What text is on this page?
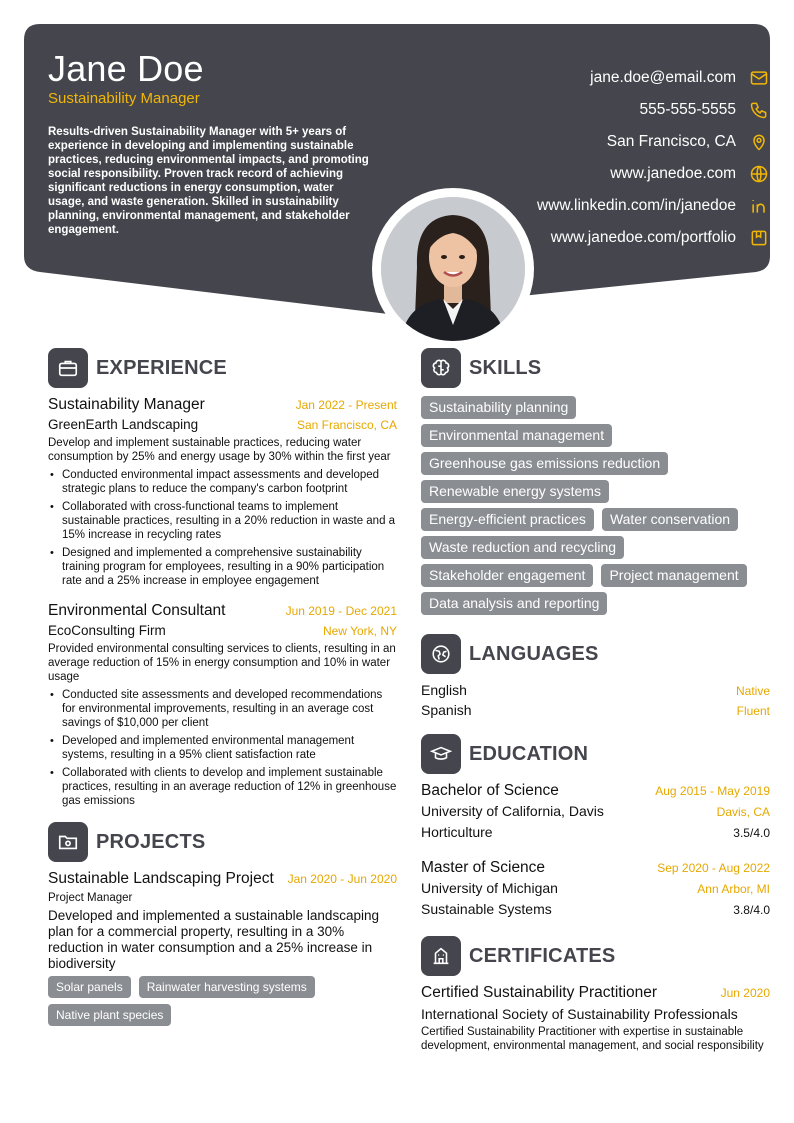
Jane Doe
Sustainability Manager
Results-driven Sustainability Manager with 5+ years of experience in developing and implementing sustainable practices, reducing environmental impacts, and promoting social responsibility. Proven track record of achieving significant reductions in energy consumption, water usage, and waste generation. Skilled in sustainability planning, environmental management, and stakeholder engagement.
jane.doe@email.com
555-555-5555
San Francisco, CA
www.janedoe.com
www.linkedin.com/in/janedoe
www.janedoe.com/portfolio
EXPERIENCE
Sustainability Manager	Jan 2022 - Present
GreenEarth Landscaping	San Francisco, CA
Develop and implement sustainable practices, reducing water consumption by 25% and energy usage by 30% within the first year
• Conducted environmental impact assessments and developed strategic plans to reduce the company's carbon footprint
• Collaborated with cross-functional teams to implement sustainable practices, resulting in a 20% reduction in waste and a 15% increase in recycling rates
• Designed and implemented a comprehensive sustainability training program for employees, resulting in a 90% participation rate and a 25% increase in employee engagement
Environmental Consultant	Jun 2019 - Dec 2021
EcoConsulting Firm	New York, NY
Provided environmental consulting services to clients, resulting in an average reduction of 15% in energy consumption and 10% in water usage
• Conducted site assessments and developed recommendations for environmental improvements, resulting in an average cost savings of $10,000 per client
• Developed and implemented environmental management systems, resulting in a 95% client satisfaction rate
• Collaborated with clients to develop and implement sustainable practices, resulting in an average reduction of 12% in greenhouse gas emissions
PROJECTS
Sustainable Landscaping Project Jan 2020 - Jun 2020
Project Manager
Developed and implemented a sustainable landscaping plan for a commercial property, resulting in a 30% reduction in water consumption and a 25% increase in biodiversity
Solar panels	Rainwater harvesting systems
Native plant species
SKILLS
Sustainability planning

Environmental management

Greenhouse gas emissions reduction

Renewable energy systems

Energy-efficient practices	Water conservation

Waste reduction and recycling

Stakeholder engagement	Project management

Data analysis and reporting
LANGUAGES
English	Native
Spanish	Fluent
EDUCATION
Bachelor of Science	Aug 2015 - May 2019
University of California, Davis	Davis, CA
Horticulture	3.5/4.0
Master of Science	Sep 2020 - Aug 2022
University of Michigan	Ann Arbor, MI
Sustainable Systems	3.8/4.0
CERTIFICATES
Certified Sustainability Practitioner	Jun 2020
International Society of Sustainability Professionals
Certified Sustainability Practitioner with expertise in sustainable development, environmental management, and social responsibility
